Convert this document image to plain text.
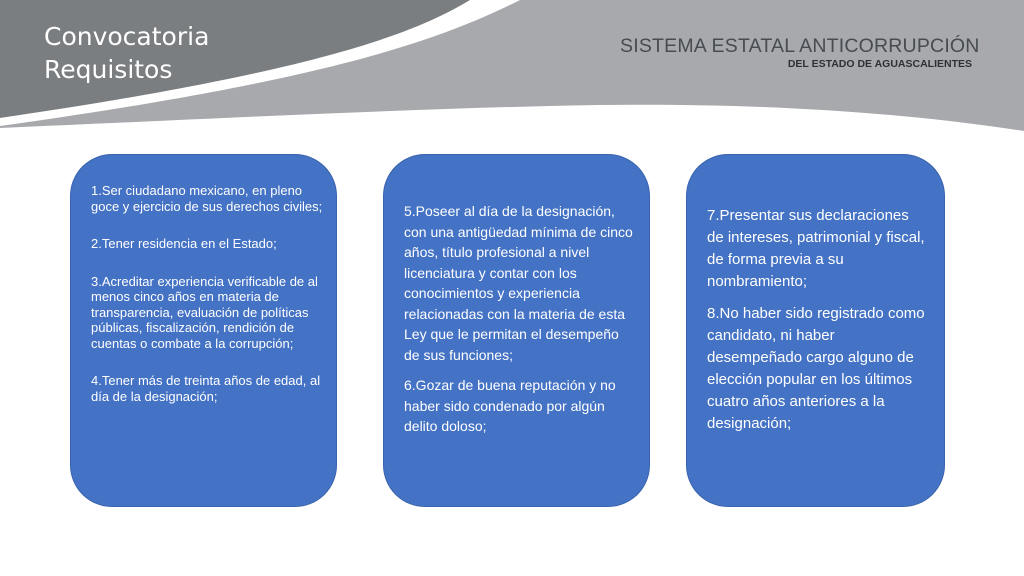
Convocatoria
Requisitos
SISTEMA ESTATAL ANTICORRUPCIÓN
DEL ESTADO DE AGUASCALIENTES

1.Ser ciudadano mexicano, en pleno goce y ejercicio de sus derechos civiles;

2.Tener residencia en el Estado;

3.Acreditar experiencia verificable de al menos cinco años en materia de transparencia, evaluación de políticas públicas, fiscalización, rendición de cuentas o combate a la corrupción;

4.Tener más de treinta años de edad, al día de la designación;

5.Poseer al día de la designación, con una antigüedad mínima de cinco años, título profesional a nivel licenciatura y contar con los conocimientos y experiencia relacionadas con la materia de esta Ley que le permitan el desempeño de sus funciones;

6.Gozar de buena reputación y no haber sido condenado por algún delito doloso;

7.Presentar sus declaraciones de intereses, patrimonial y fiscal, de forma previa a su nombramiento;

8.No haber sido registrado como candidato, ni haber desempeñado cargo alguno de elección popular en los últimos cuatro años anteriores a la designación;
